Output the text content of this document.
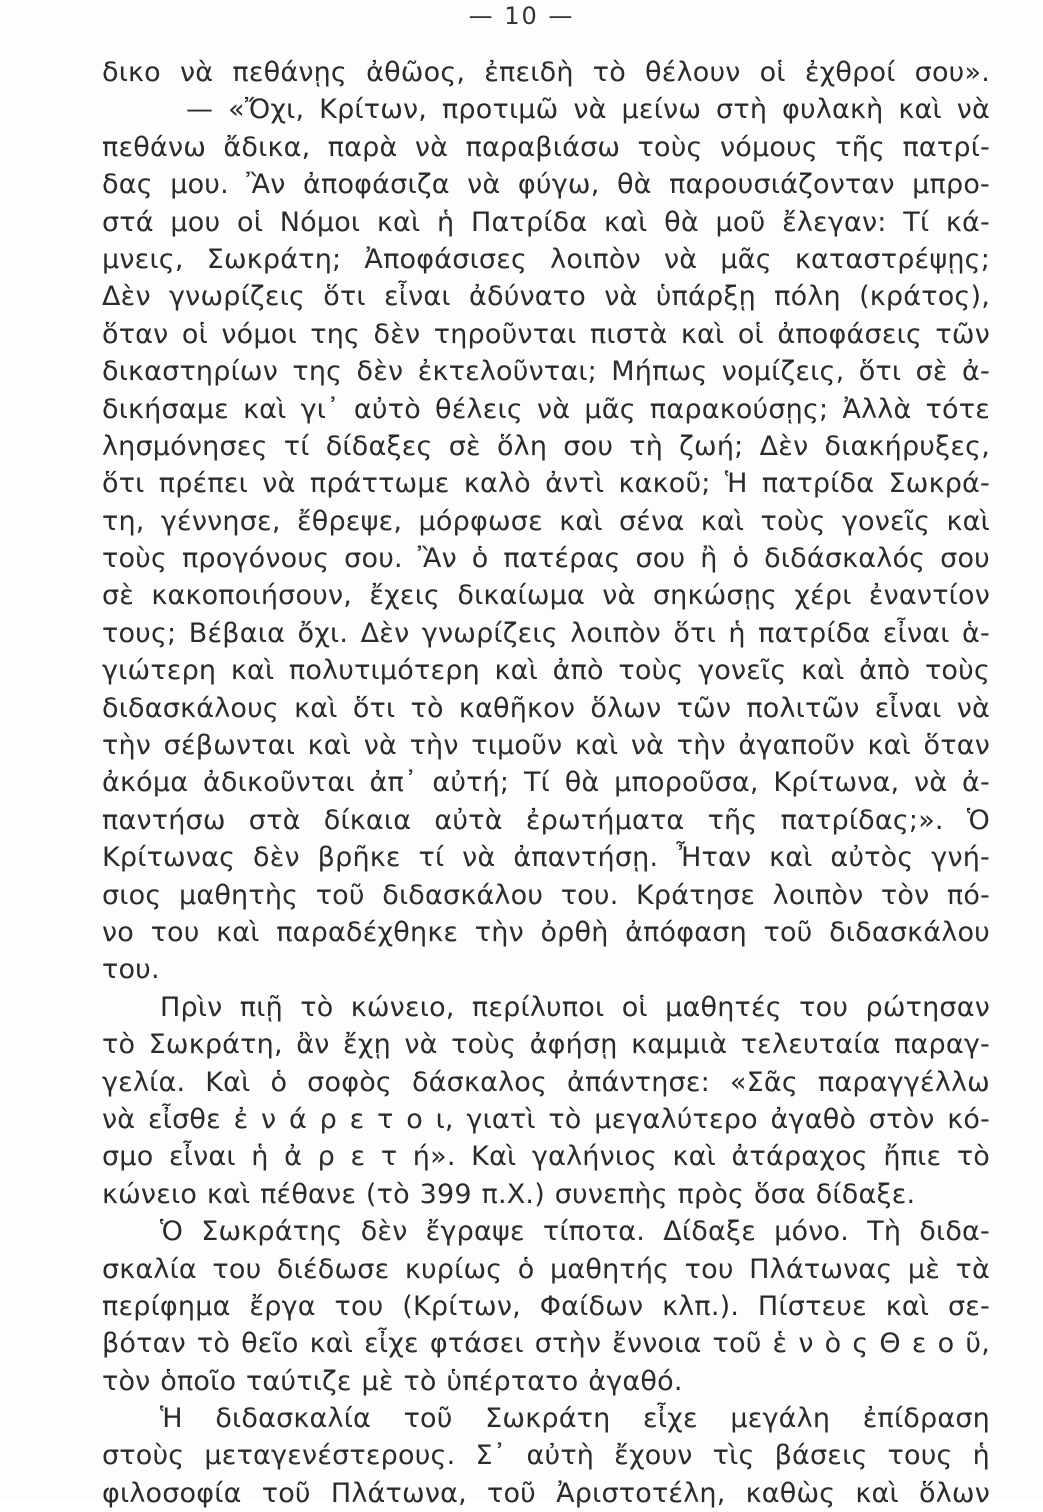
— 10 —
δικο νὰ πεθάνῃς ἀθῶος, ἐπειδὴ τὸ θέλουν οἱ ἐχθροί σου».
— «Ὄχι, Κρίτων, προτιμῶ νὰ μείνω στὴ φυλακὴ καὶ νὰ
πεθάνω ἄδικα, παρὰ νὰ παραβιάσω τοὺς νόμους τῆς πατρί-
δας μου. Ἂν ἀποφάσιζα νὰ φύγω, θὰ παρουσιάζονταν μπρο-
στά μου οἱ Νόμοι καὶ ἡ Πατρίδα καὶ θὰ μοῦ ἔλεγαν: Τί κά-
μνεις, Σωκράτη; Ἀποφάσισες λοιπὸν νὰ μᾶς καταστρέψῃς;
Δὲν γνωρίζεις ὅτι εἶναι ἀδύνατο νὰ ὑπάρξῃ πόλη (κράτος),
ὅταν οἱ νόμοι της δὲν τηροῦνται πιστὰ καὶ οἱ ἀποφάσεις τῶν
δικαστηρίων της δὲν ἐκτελοῦνται; Μήπως νομίζεις, ὅτι σὲ ἀ-
δικήσαμε καὶ γι᾽ αὐτὸ θέλεις νὰ μᾶς παρακούσῃς; Ἀλλὰ τότε
λησμόνησες τί δίδαξες σὲ ὅλη σου τὴ ζωή; Δὲν διακήρυξες,
ὅτι πρέπει νὰ πράττωμε καλὸ ἀντὶ κακοῦ; Ἡ πατρίδα Σωκρά-
τη, γέννησε, ἔθρεψε, μόρφωσε καὶ σένα καὶ τοὺς γονεῖς καὶ
τοὺς προγόνους σου. Ἂν ὁ πατέρας σου ἢ ὁ διδάσκαλός σου
σὲ κακοποιήσουν, ἔχεις δικαίωμα νὰ σηκώσῃς χέρι ἐναντίον
τους; Βέβαια ὄχι. Δὲν γνωρίζεις λοιπὸν ὅτι ἡ πατρίδα εἶναι ἁ-
γιώτερη καὶ πολυτιμότερη καὶ ἀπὸ τοὺς γονεῖς καὶ ἀπὸ τοὺς
διδασκάλους καὶ ὅτι τὸ καθῆκον ὅλων τῶν πολιτῶν εἶναι νὰ
τὴν σέβωνται καὶ νὰ τὴν τιμοῦν καὶ νὰ τὴν ἀγαποῦν καὶ ὅταν
ἀκόμα ἀδικοῦνται ἀπ᾽ αὐτή; Τί θὰ μποροῦσα, Κρίτωνα, νὰ ἀ-
παντήσω στὰ δίκαια αὐτὰ ἐρωτήματα τῆς πατρίδας;». Ὁ
Κρίτωνας δὲν βρῆκε τί νὰ ἀπαντήσῃ. Ἦταν καὶ αὐτὸς γνή-
σιος μαθητὴς τοῦ διδασκάλου του. Κράτησε λοιπὸν τὸν πό-
νο του καὶ παραδέχθηκε τὴν ὀρθὴ ἀπόφαση τοῦ διδασκάλου
του.
Πρὶν πιῇ τὸ κώνειο, περίλυποι οἱ μαθητές του ρώτησαν
τὸ Σωκράτη, ἂν ἔχῃ νὰ τοὺς ἀφήσῃ καμμιὰ τελευταία παραγ-
γελία. Καὶ ὁ σοφὸς δάσκαλος ἀπάντησε: «Σᾶς παραγγέλλω
νὰ εἶσθε ἐ ν ά ρ ε τ ο ι, γιατὶ τὸ μεγαλύτερο ἀγαθὸ στὸν κό-
σμο εἶναι ἡ ἀ ρ ε τ ή». Καὶ γαλήνιος καὶ ἀτάραχος ἤπιε τὸ
κώνειο καὶ πέθανε (τὸ 399 π.Χ.) συνεπὴς πρὸς ὅσα δίδαξε.
Ὁ Σωκράτης δὲν ἔγραψε τίποτα. Δίδαξε μόνο. Τὴ διδα-
σκαλία του διέδωσε κυρίως ὁ μαθητής του Πλάτωνας μὲ τὰ
περίφημα ἔργα του (Κρίτων, Φαίδων κλπ.). Πίστευε καὶ σε-
βόταν τὸ θεῖο καὶ εἶχε φτάσει στὴν ἔννοια τοῦ ἑ ν ὸ ς Θ ε ο ῦ,
τὸν ὁποῖο ταύτιζε μὲ τὸ ὑπέρτατο ἀγαθό.
Ἡ διδασκαλία τοῦ Σωκράτη εἶχε μεγάλη ἐπίδραση
στοὺς μεταγενέστερους. Σ᾽ αὐτὴ ἔχουν τὶς βάσεις τους ἡ
φιλοσοφία τοῦ Πλάτωνα, τοῦ Ἀριστοτέλη, καθὼς καὶ ὅλων
